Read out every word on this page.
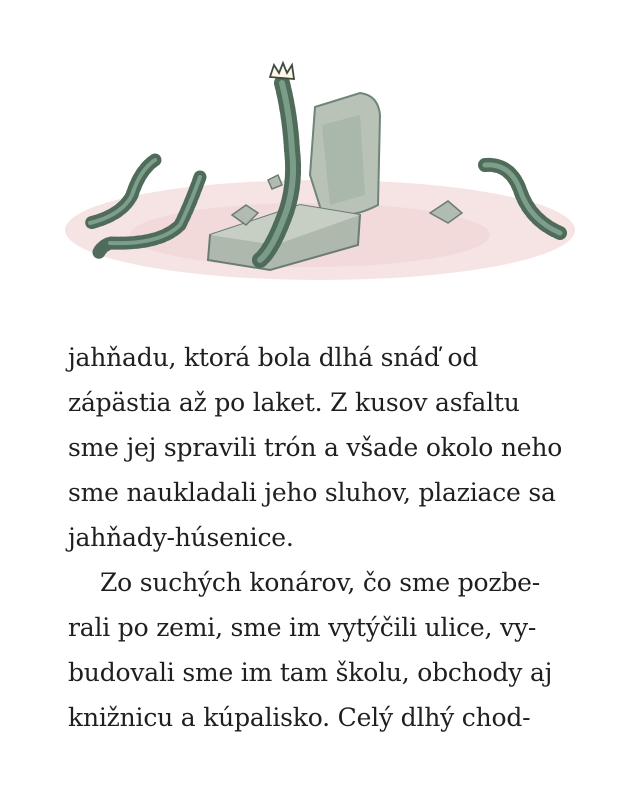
jahňadu, ktorá bola dlhá snáď od
zápästia až po laket. Z kusov asfaltu
sme jej spravili trón a všade okolo neho
sme naukladali jeho sluhov, plaziace sa
jahňady-húsenice.
Zo suchých konárov, čo sme pozbe-
rali po zemi, sme im vytýčili ulice, vy-
budovali sme im tam školu, obchody aj
knižnicu a kúpalisko. Celý dlhý chod-
